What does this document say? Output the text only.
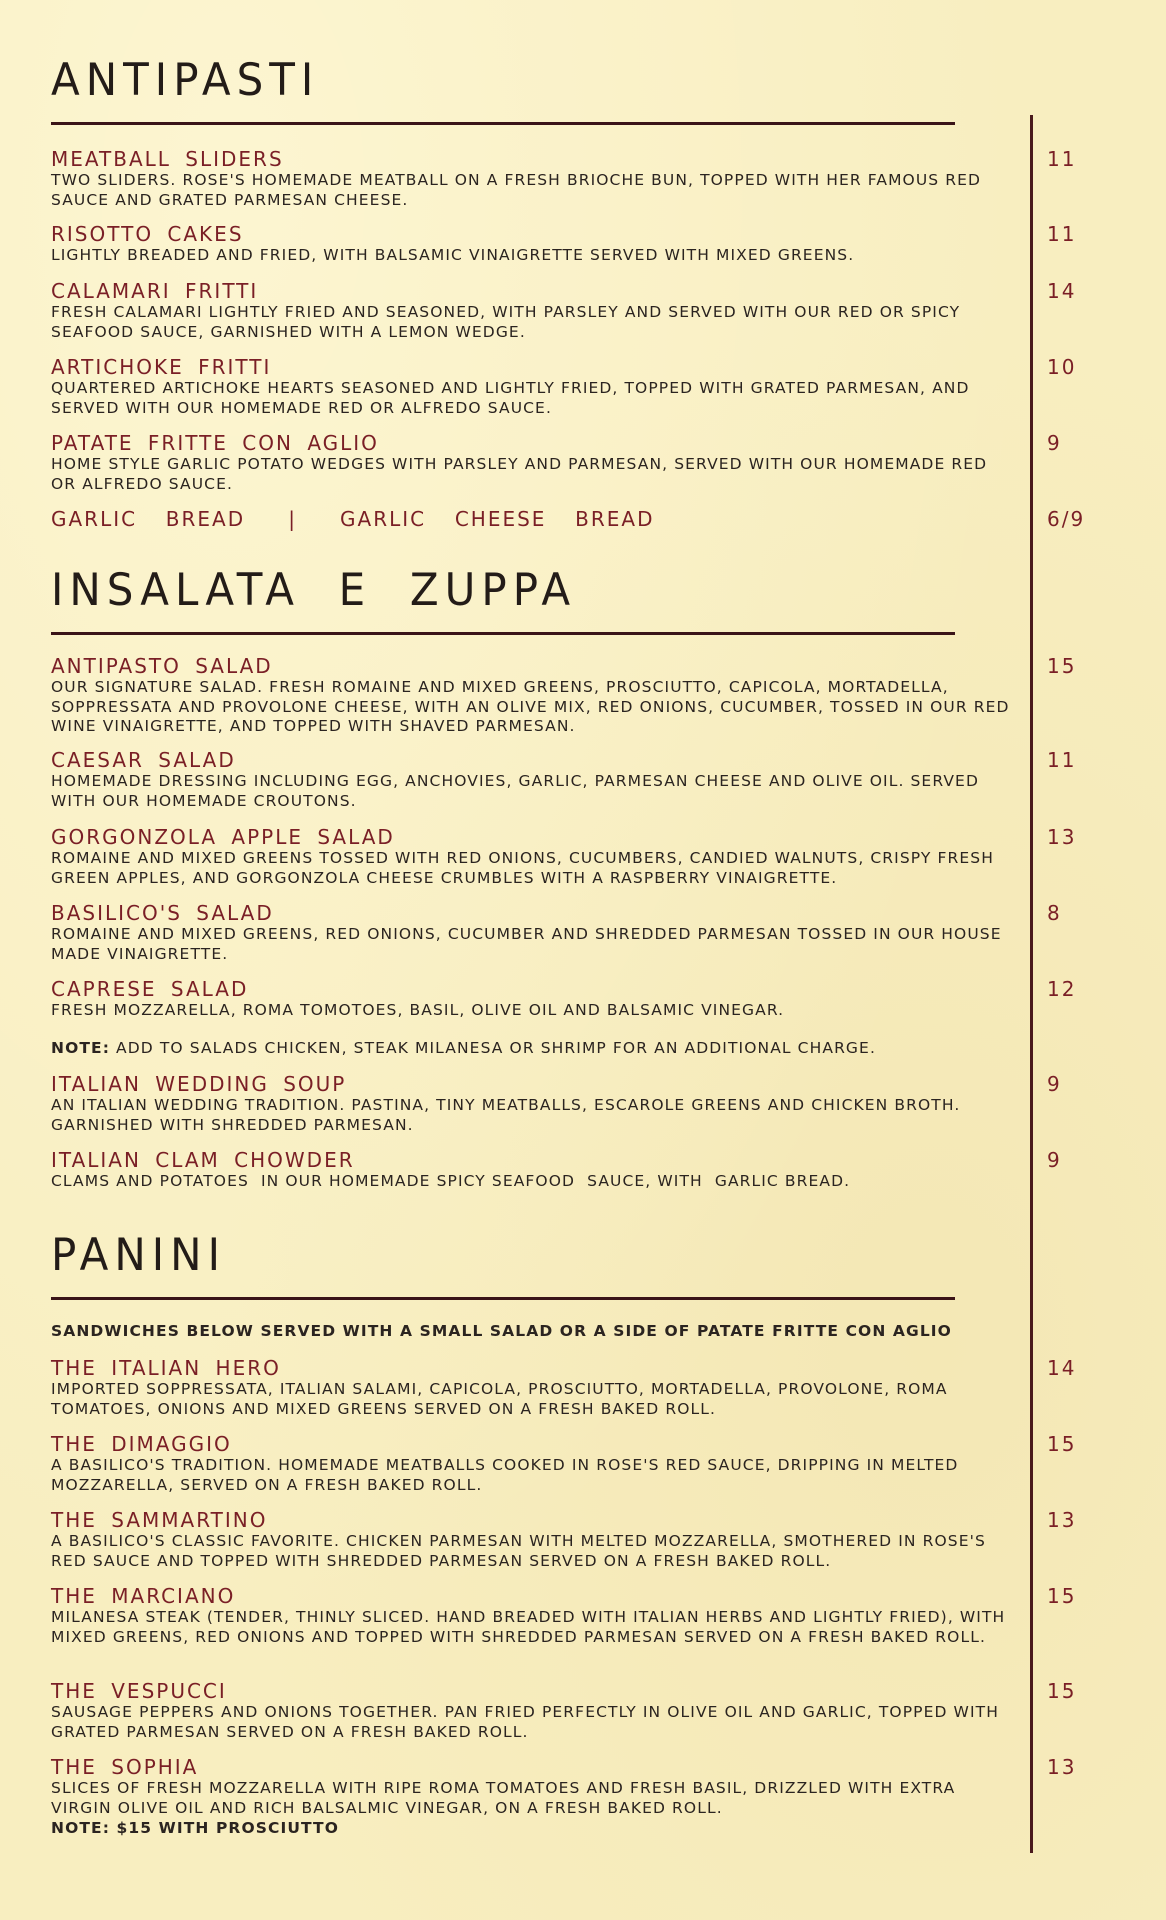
ANTIPASTI
MEATBALL SLIDERS
TWO SLIDERS. ROSE'S HOMEMADE MEATBALL ON A FRESH BRIOCHE BUN, TOPPED WITH HER FAMOUS RED SAUCE AND GRATED PARMESAN CHEESE.
11
RISOTTO CAKES
LIGHTLY BREADED AND FRIED, WITH BALSAMIC VINAIGRETTE SERVED WITH MIXED GREENS.
11
CALAMARI FRITTI
FRESH CALAMARI LIGHTLY FRIED AND SEASONED, WITH PARSLEY AND SERVED WITH OUR RED OR SPICY SEAFOOD SAUCE, GARNISHED WITH A LEMON WEDGE.
14
ARTICHOKE FRITTI
QUARTERED ARTICHOKE HEARTS SEASONED AND LIGHTLY FRIED, TOPPED WITH GRATED PARMESAN, AND SERVED WITH OUR HOMEMADE RED OR ALFREDO SAUCE.
10
PATATE FRITTE CON AGLIO
HOME STYLE GARLIC POTATO WEDGES WITH PARSLEY AND PARMESAN, SERVED WITH OUR HOMEMADE RED OR ALFREDO SAUCE.
9
GARLIC  BREAD   |   GARLIC  CHEESE  BREAD	6/9
INSALATA  E  ZUPPA
ANTIPASTO SALAD
OUR SIGNATURE SALAD. FRESH ROMAINE AND MIXED GREENS, PROSCIUTTO, CAPICOLA, MORTADELLA, SOPPRESSATA AND PROVOLONE CHEESE, WITH AN OLIVE MIX, RED ONIONS, CUCUMBER, TOSSED IN OUR RED WINE VINAIGRETTE, AND TOPPED WITH SHAVED PARMESAN.
15
CAESAR SALAD
HOMEMADE DRESSING INCLUDING EGG, ANCHOVIES, GARLIC, PARMESAN CHEESE AND OLIVE OIL. SERVED WITH OUR HOMEMADE CROUTONS.
11
GORGONZOLA APPLE SALAD
ROMAINE AND MIXED GREENS TOSSED WITH RED ONIONS, CUCUMBERS, CANDIED WALNUTS, CRISPY FRESH GREEN APPLES, AND GORGONZOLA CHEESE CRUMBLES WITH A RASPBERRY VINAIGRETTE.
13
BASILICO'S SALAD
ROMAINE AND MIXED GREENS, RED ONIONS, CUCUMBER AND SHREDDED PARMESAN TOSSED IN OUR HOUSE MADE VINAIGRETTE.
8
CAPRESE SALAD
FRESH MOZZARELLA, ROMA TOMOTOES, BASIL, OLIVE OIL AND BALSAMIC VINEGAR.
12
NOTE: ADD TO SALADS CHICKEN, STEAK MILANESA OR SHRIMP FOR AN ADDITIONAL CHARGE.
ITALIAN WEDDING SOUP
AN ITALIAN WEDDING TRADITION. PASTINA, TINY MEATBALLS, ESCAROLE GREENS AND CHICKEN BROTH. GARNISHED WITH SHREDDED PARMESAN.
9
ITALIAN CLAM CHOWDER
CLAMS AND POTATOES  IN OUR HOMEMADE SPICY SEAFOOD  SAUCE, WITH  GARLIC BREAD.
9
PANINI
SANDWICHES BELOW SERVED WITH A SMALL SALAD OR A SIDE OF PATATE FRITTE CON AGLIO
THE ITALIAN HERO
IMPORTED SOPPRESSATA, ITALIAN SALAMI, CAPICOLA, PROSCIUTTO, MORTADELLA, PROVOLONE, ROMA TOMATOES, ONIONS AND MIXED GREENS SERVED ON A FRESH BAKED ROLL.
14
THE DIMAGGIO
A BASILICO'S TRADITION. HOMEMADE MEATBALLS COOKED IN ROSE'S RED SAUCE, DRIPPING IN MELTED MOZZARELLA, SERVED ON A FRESH BAKED ROLL.
15
THE SAMMARTINO
A BASILICO'S CLASSIC FAVORITE. CHICKEN PARMESAN WITH MELTED MOZZARELLA, SMOTHERED IN ROSE'S RED SAUCE AND TOPPED WITH SHREDDED PARMESAN SERVED ON A FRESH BAKED ROLL.
13
THE MARCIANO
MILANESA STEAK (TENDER, THINLY SLICED. HAND BREADED WITH ITALIAN HERBS AND LIGHTLY FRIED), WITH MIXED GREENS, RED ONIONS AND TOPPED WITH SHREDDED PARMESAN SERVED ON A FRESH BAKED ROLL.
15
THE VESPUCCI
SAUSAGE PEPPERS AND ONIONS TOGETHER. PAN FRIED PERFECTLY IN OLIVE OIL AND GARLIC, TOPPED WITH GRATED PARMESAN SERVED ON A FRESH BAKED ROLL.
15
THE SOPHIA
SLICES OF FRESH MOZZARELLA WITH RIPE ROMA TOMATOES AND FRESH BASIL, DRIZZLED WITH EXTRA VIRGIN OLIVE OIL AND RICH BALSALMIC VINEGAR, ON A FRESH BAKED ROLL.
NOTE: $15 WITH PROSCIUTTO
13
